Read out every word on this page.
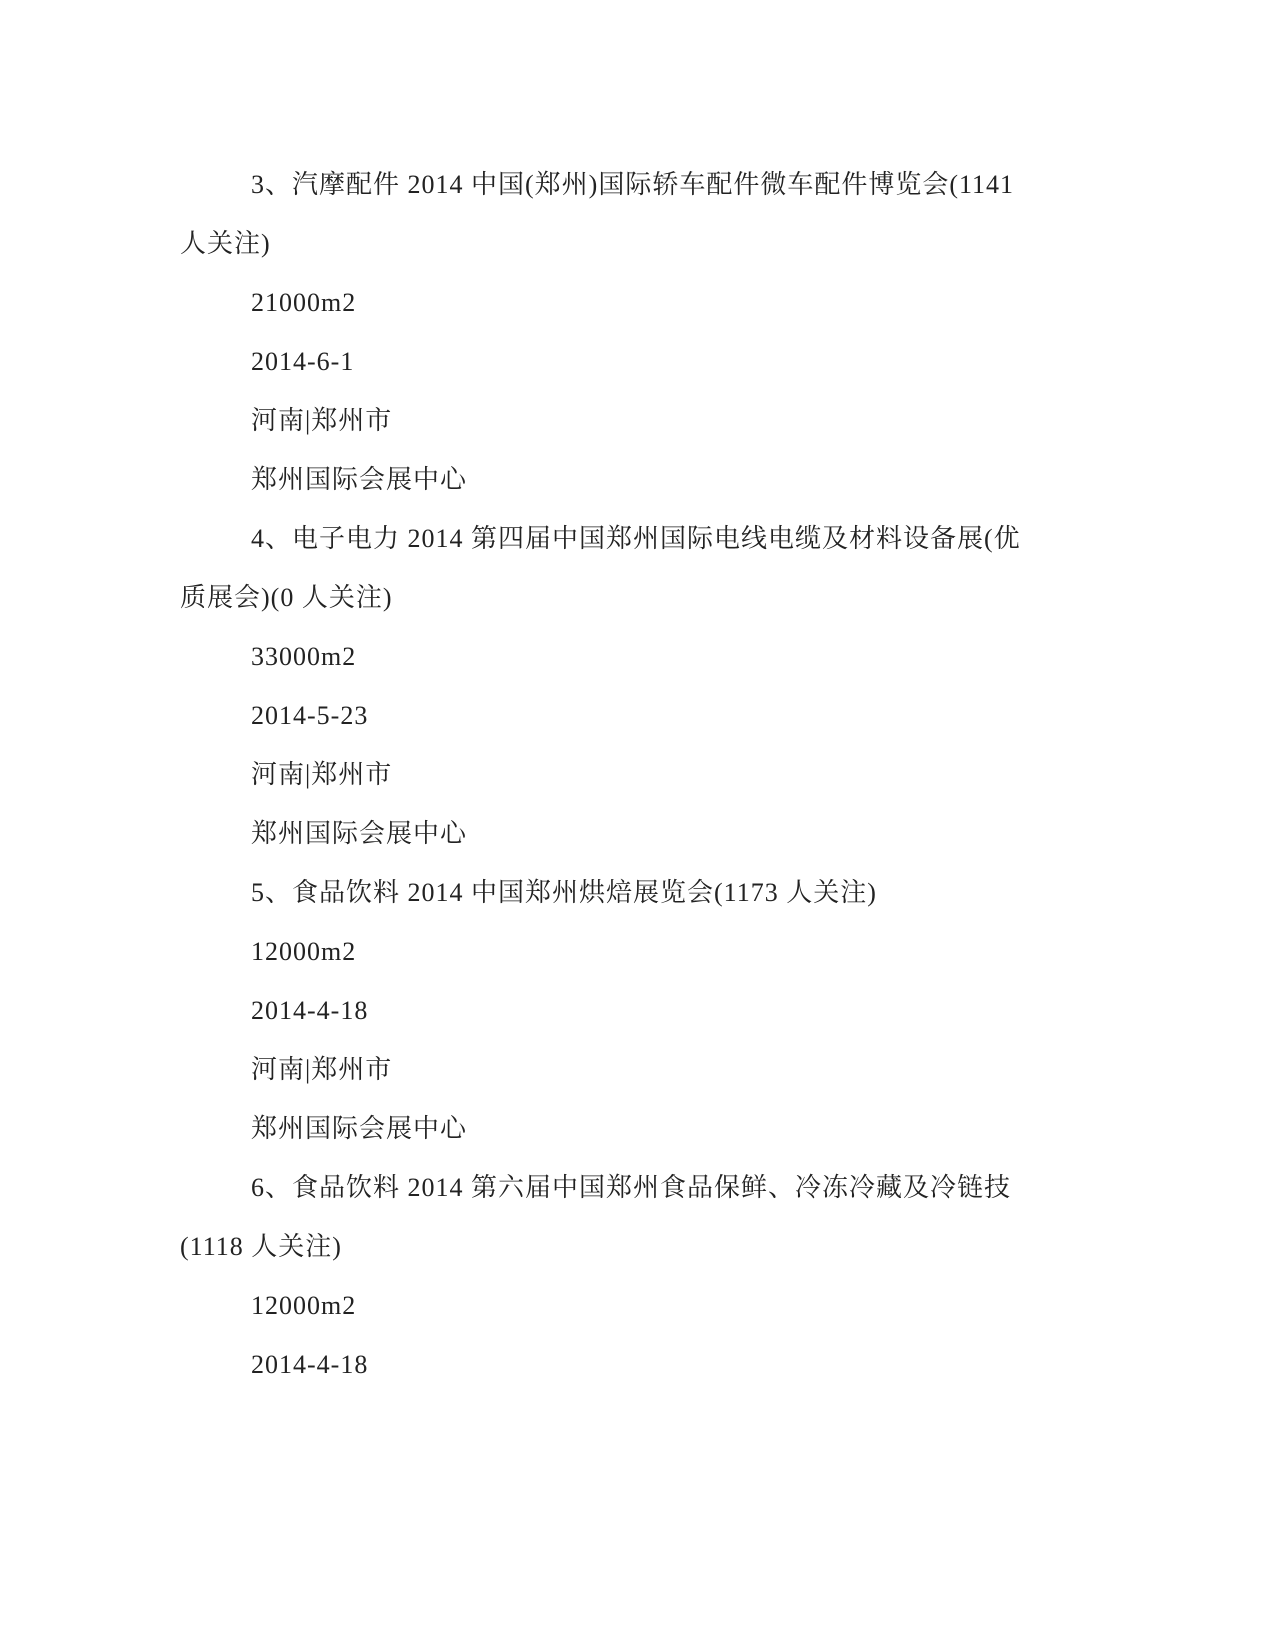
3、汽摩配件 2014 中国(郑州)国际轿车配件微车配件博览会(1141
人关注)
21000m2
2014-6-1
河南|郑州市
郑州国际会展中心
4、电子电力 2014 第四届中国郑州国际电线电缆及材料设备展(优
质展会)(0 人关注)
33000m2
2014-5-23
河南|郑州市
郑州国际会展中心
5、食品饮料 2014 中国郑州烘焙展览会(1173 人关注)
12000m2
2014-4-18
河南|郑州市
郑州国际会展中心
6、食品饮料 2014 第六届中国郑州食品保鲜、冷冻冷藏及冷链技
(1118 人关注)
12000m2
2014-4-18
